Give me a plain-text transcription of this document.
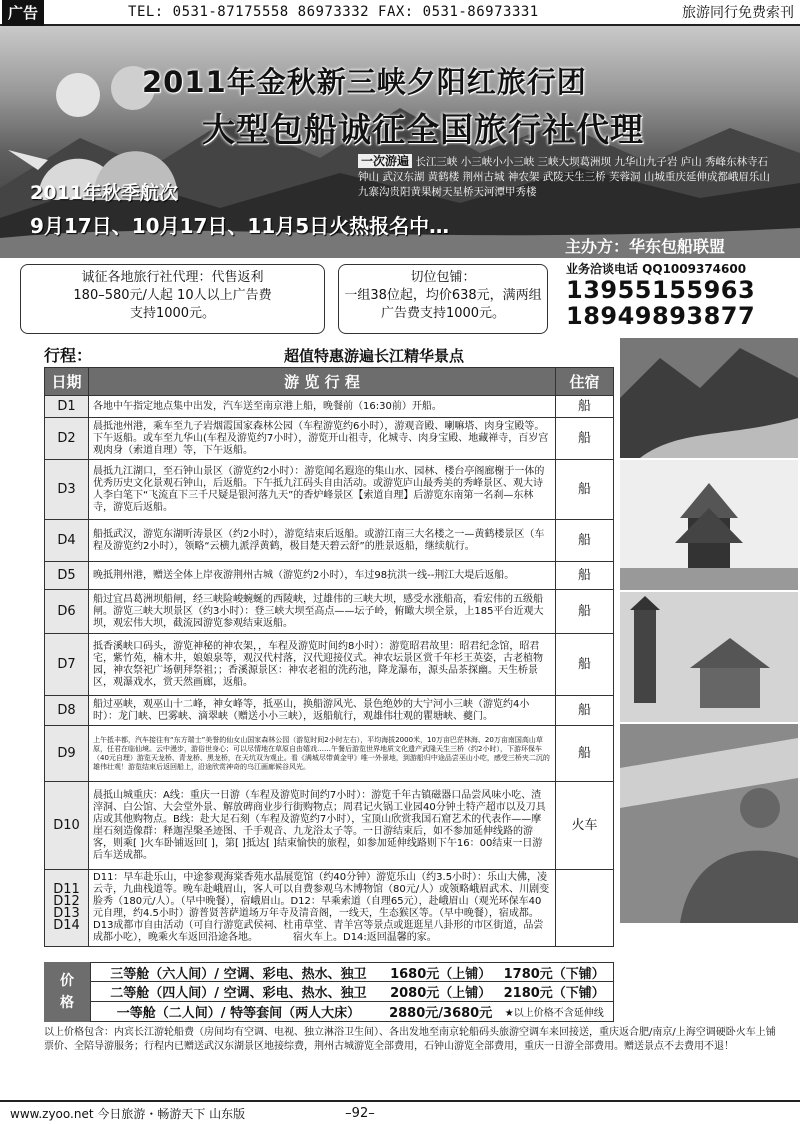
广告	TEL: 0531-87175558 86973332 FAX: 0531-86973331	旅游同行免费索刊
2011年金秋新三峡夕阳红旅行团
大型包船诚征全国旅行社代理
一次游遍 长江三峡 小三峡小小三峡 三峡大坝葛洲坝 九华山九子岩 庐山 秀峰东林寺石钟山 武汉东湖 黄鹤楼 荆州古城 神农架 武陵天生三桥 芙蓉洞 山城重庆延伸成都峨眉乐山九寨沟贵阳黄果树天星桥天河潭甲秀楼
2011年秋季航次
9月17日、10月17日、11月5日火热报名中…
主办方：华东包船联盟
诚征各地旅行社代理：代售返利
180–580元/人起 10人以上广告费
支持1000元。
切位包铺：
一组38位起，均价638元，满两组
广告费支持1000元。
业务洽谈电话 QQ1009374600
13955155963
18949893877
行程：	超值特惠游遍长江精华景点
日期	游 览 行 程	住宿
D1	各地中午指定地点集中出发，汽车送至南京港上船，晚餐前（16:30前）开船。	船
D2	晨抵池州港，乘车至九子岩烟霞国家森林公园（车程游览约6小时），游观音殿、喇嘛塔、肉身宝殿等。下午返船。或车至九华山(车程及游览约7小时），游览开山祖寺，化城寺、肉身宝殿、地藏禅寺，百岁宫观肉身（索道自理）等，下午返船。	船
D3	晨抵九江湖口，至石钟山景区（游览约2小时）：游览闻名遐迩的集山水、园林、楼台亭阁廊榭于一体的优秀历史文化景观石钟山，后返船。下午抵九江码头自由活动。或游览庐山最秀美的秀峰景区、观大诗人李白笔下“飞流直下三千尺疑是银河落九天”的香炉峰景区【索道自理】后游览东南第一名刹—东林寺，游览后返船。	船
D4	船抵武汉，游览东湖听涛景区（约2小时），游览结束后返船。或游江南三大名楼之一—黄鹤楼景区（车程及游览约2小时），领略“云横九派浮黄鹤，极目楚天碧云舒”的胜景返船，继续航行。	船
D5	晚抵荆州港，赠送全体上岸夜游荆州古城（游览约2小时），车过98抗洪一线--荆江大堤后返船。	船
D6	船过宜昌葛洲坝船闸，经三峡险峻蜿蜒的西陵峡，过雄伟的三峡大坝，感受水涨船高，看宏伟的五级船闸。游览三峡大坝景区（约3小时）：登三峡大坝至高点——坛子岭，俯瞰大坝全景，上185平台近观大坝，观宏伟大坝，截流园游览参观结束返船。	船
D7	抵香溪峡口码头，游览神秘的神农架，，车程及游览时间约8小时）：游览昭君故里：昭君纪念馆，昭君宅，紫竹苑，楠木井，娘娘泉等，观汉代村落，汉代迎接仪式。神农坛景区赏千年杉王英姿，古老植物园，神农祭祀广场朝拜祭祖；；香溪源景区：神农老祖的洗药池，降龙瀑布，源头品茶探幽。天生桥景区，观瀑戏水，赏天然画廊，返船。	船
D8	船过巫峡，观巫山十二峰，神女峰等，抵巫山，换船游风光、景色绝妙的大宁河小三峡（游览约4小时）：龙门峡、巴雾峡、滴翠峡（赠送小小三峡），返船航行，观雄伟壮观的瞿塘峡、夔门。	船
D9	上午抵丰都，汽车接往有“东方瑞士”美誉的仙女山国家森林公园（游览时间2小时左右），平均海拔2000米，10万亩巴茫林海、20万亩南国高山草原，任君在临仙境。云中漫步，游俗世身心；可以尽情地在草原自由嬉戏……午餐后游览世界地质文化遗产武隆天生三桥（约2小时），下游环保车（40元自理）游览天龙桥、青龙桥、黑龙桥，在天坑双为观止。看《满城尽带黄金甲》唯一外景地，到游船归中途品尝巫山小吃，感受三桥夹二沉的雄伟壮观！游览结束后返回船上，沿途欣赏神奇的乌江画廊候谷风光。	船
D10	晨抵山城重庆：A线：重庆一日游（车程及游览时间约7小时）：游览千年古镇磁器口品尝风味小吃、渣滓洞、白公馆、大会堂外景、解放碑商业步行街购物点；周君记火锅工业园40分钟土特产超市以及刀具店或其他购物点。B线：赴大足石刻（车程及游览约7小时），宝顶山欣赏我国石窟艺术的代表作——摩崖石刻造像群：释迦涅槃圣迹图、千手观音、九龙浴太子等。一日游结束后，如不参加延伸线路的游客，则乘[ ]火车卧铺返回[ ]，第[ ]抵达[ ]结束愉快的旅程，如参加延伸线路则下午16：00结束一日游后车送成都。	火车
D11 D12 D13 D14	D11：早车赴乐山，中途参观海棠香苑水晶展览馆（约40分钟）游览乐山（约3.5小时）：乐山大佛，凌云寺，九曲栈道等。晚车赴峨眉山，客人可以自费参观乌木博物馆（80元/人）或领略峨眉武术、川剧变脸秀（180元/人）。（早中晚餐），宿峨眉山。D12：早乘索道（自理65元），赴峨眉山（观光环保车40元自理，约4.5小时）游普贤菩萨道场万年寺及清音阁，一线天，生态猴区等。（早中晚餐），宿成都。D13成都市自由活动（可自行游览武侯祠、杜甫草堂、青羊宫等景点或逛逛星八卦形的市区街道，品尝成都小吃），晚乘火车返回沿途各地。　　　　宿火车上。D14:返回温馨的家。	
价
格
三等舱（六人间）/ 空调、彩电、热水、独卫	1680元（上铺） 1780元（下铺）
二等舱（四人间）/ 空调、彩电、热水、独卫	2080元（上铺） 2180元（下铺）
一等舱（二人间）/ 特等套间（两人大床）	2880元/3680元	★以上价格不含延伸线
以上价格包含：内宾长江游轮船费（房间均有空调、电视、独立淋浴卫生间）、各出发地至南京轮船码头旅游空调车来回接送，重庆返合肥/南京/上海空调硬卧火车上铺票价、全陪导游服务；行程内已赠送武汉东湖景区地接综费，荆州古城游览全部费用，石钟山游览全部费用，重庆一日游全部费用。赠送景点不去费用不退！
www.zyoo.net 今日旅游・畅游天下 山东版	–92–
